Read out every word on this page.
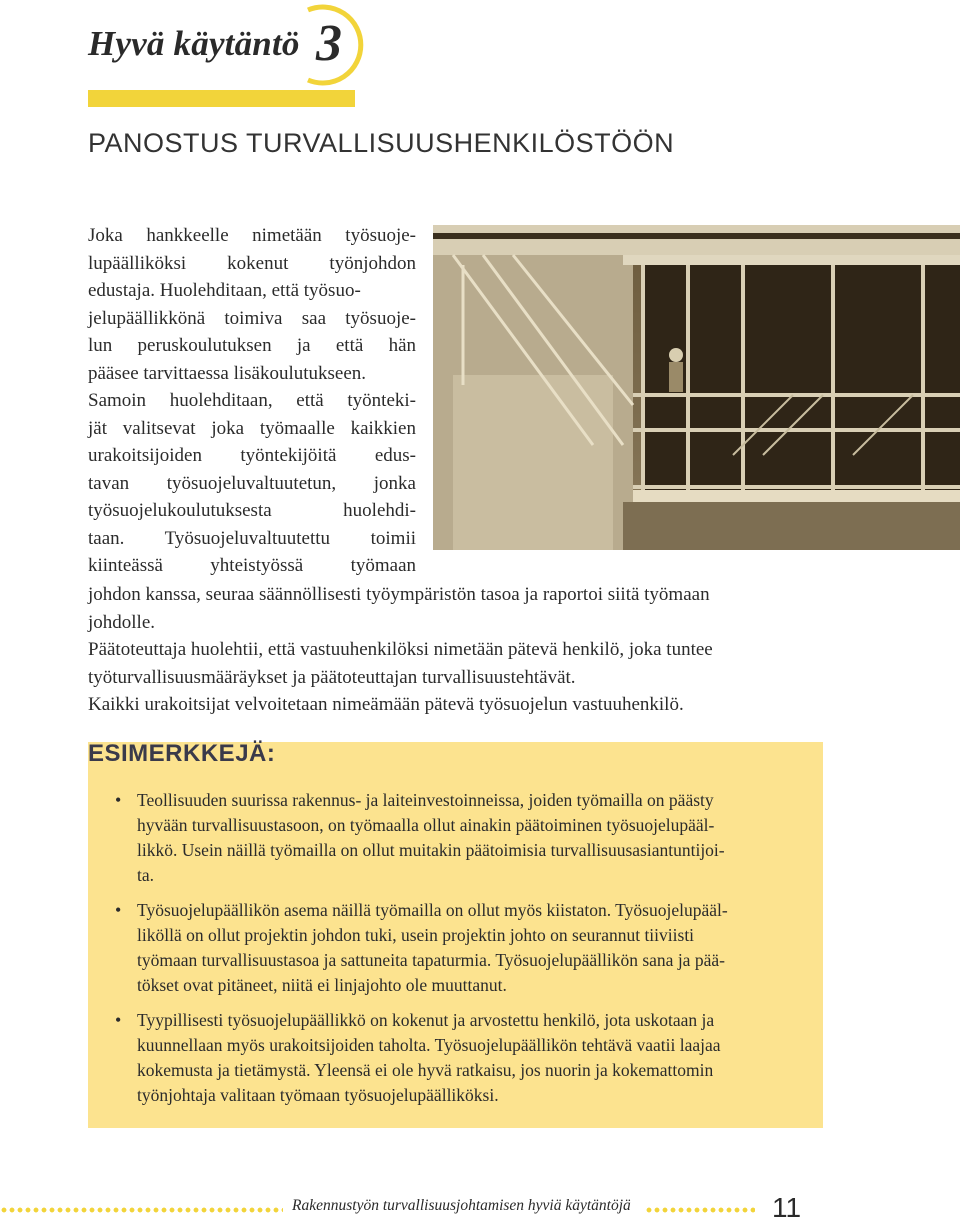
Hyvä käytäntö 3
PANOSTUS TURVALLISUUSHENKILÖSTÖÖN
Joka hankkeelle nimetään työsuoje-
lupäälliköksi kokenut työnjohdon
edustaja. Huolehditaan, että työsuo-
jelupäällikkönä toimiva saa työsuoje-
lun peruskoulutuksen ja että hän
pääsee tarvittaessa lisäkoulutukseen.
Samoin huolehditaan, että työnteki-
jät valitsevat joka työmaalle kaikkien
urakoitsijoiden työntekijöitä edus-
tavan työsuojeluvaltuutetun, jonka
työsuojelukoulutuksesta huolehdi-
taan. Työsuojeluvaltuutettu toimii
kiinteässä yhteistyössä työmaan
johdon kanssa, seuraa säännöllisesti työympäristön tasoa ja raportoi siitä työmaan
johdolle.
Päätoteuttaja huolehtii, että vastuuhenkilöksi nimetään pätevä henkilö, joka tuntee
työturvallisuusmääräykset ja päätoteuttajan turvallisuustehtävät.
Kaikki urakoitsijat velvoitetaan nimeämään pätevä työsuojelun vastuuhenkilö.
ESIMERKKEJÄ:
• Teollisuuden suurissa rakennus- ja laiteinvestoinneissa, joiden työmailla on päästy
hyvään turvallisuustasoon, on työmaalla ollut ainakin päätoiminen työsuojelupääl-
likkö. Usein näillä työmailla on ollut muitakin päätoimisia turvallisuusasiantuntijoi-
ta.
• Työsuojelupäällikön asema näillä työmailla on ollut myös kiistaton. Työsuojelupääl-
liköllä on ollut projektin johdon tuki, usein projektin johto on seurannut tiiviisti
työmaan turvallisuustasoa ja sattuneita tapaturmia. Työsuojelupäällikön sana ja pää-
tökset ovat pitäneet, niitä ei linjajohto ole muuttanut.
• Tyypillisesti työsuojelupäällikkö on kokenut ja arvostettu henkilö, jota uskotaan ja
kuunnellaan myös urakoitsijoiden taholta. Työsuojelupäällikön tehtävä vaatii laajaa
kokemusta ja tietämystä. Yleensä ei ole hyvä ratkaisu, jos nuorin ja kokemattomin
työnjohtaja valitaan työmaan työsuojelupäälliköksi.
Rakennustyön turvallisuusjohtamisen hyviä käytäntöjä	11
